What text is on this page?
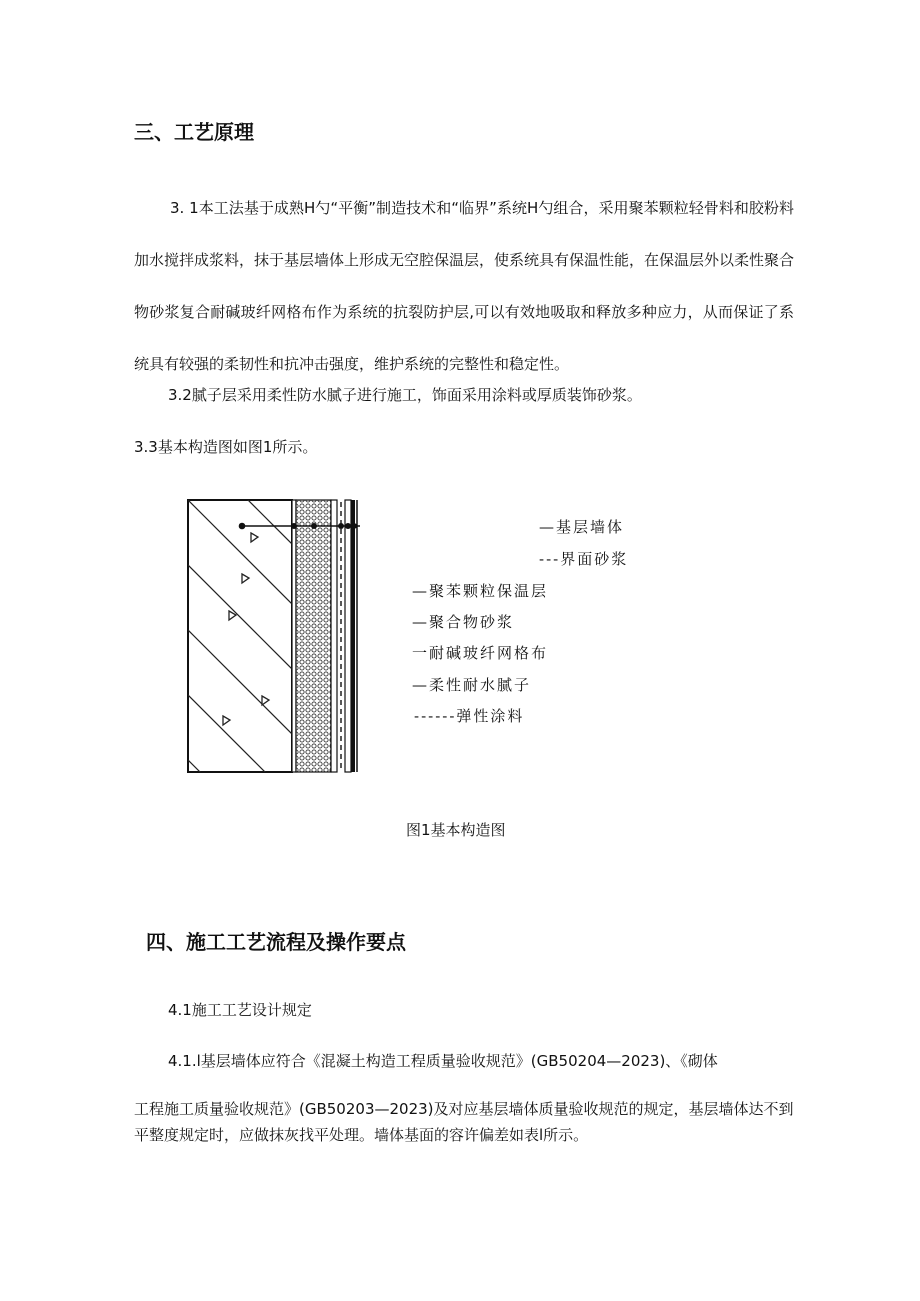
三、工艺原理

3. 1本工法基于成熟H勺“平衡”制造技术和“临界”系统H勺组合，采用聚苯颗粒轻骨料和胶粉料加水搅拌成浆料，抹于基层墙体上形成无空腔保温层，使系统具有保温性能，在保温层外以柔性聚合物砂浆复合耐碱玻纤网格布作为系统的抗裂防护层,可以有效地吸取和释放多种应力，从而保证了系统具有较强的柔韧性和抗冲击强度，维护系统的完整性和稳定性。

3.2腻子层采用柔性防水腻子进行施工，饰面采用涂料或厚质装饰砂浆。

3.3基本构造图如图1所示。

—基层墙体
---界面砂浆
—聚苯颗粒保温层
—聚合物砂浆
一耐碱玻纤网格布
—柔性耐水腻子
------弹性涂料

图1基本构造图

四、施工工艺流程及操作要点

4.1施工工艺设计规定

4.1.l基层墙体应符合《混凝土构造工程质量验收规范》(GB50204—2023)、《砌体

工程施工质量验收规范》(GB50203—2023)及对应基层墙体质量验收规范的规定，基层墙体达不到平整度规定时，应做抹灰找平处理。墙体基面的容许偏差如表l所示。
